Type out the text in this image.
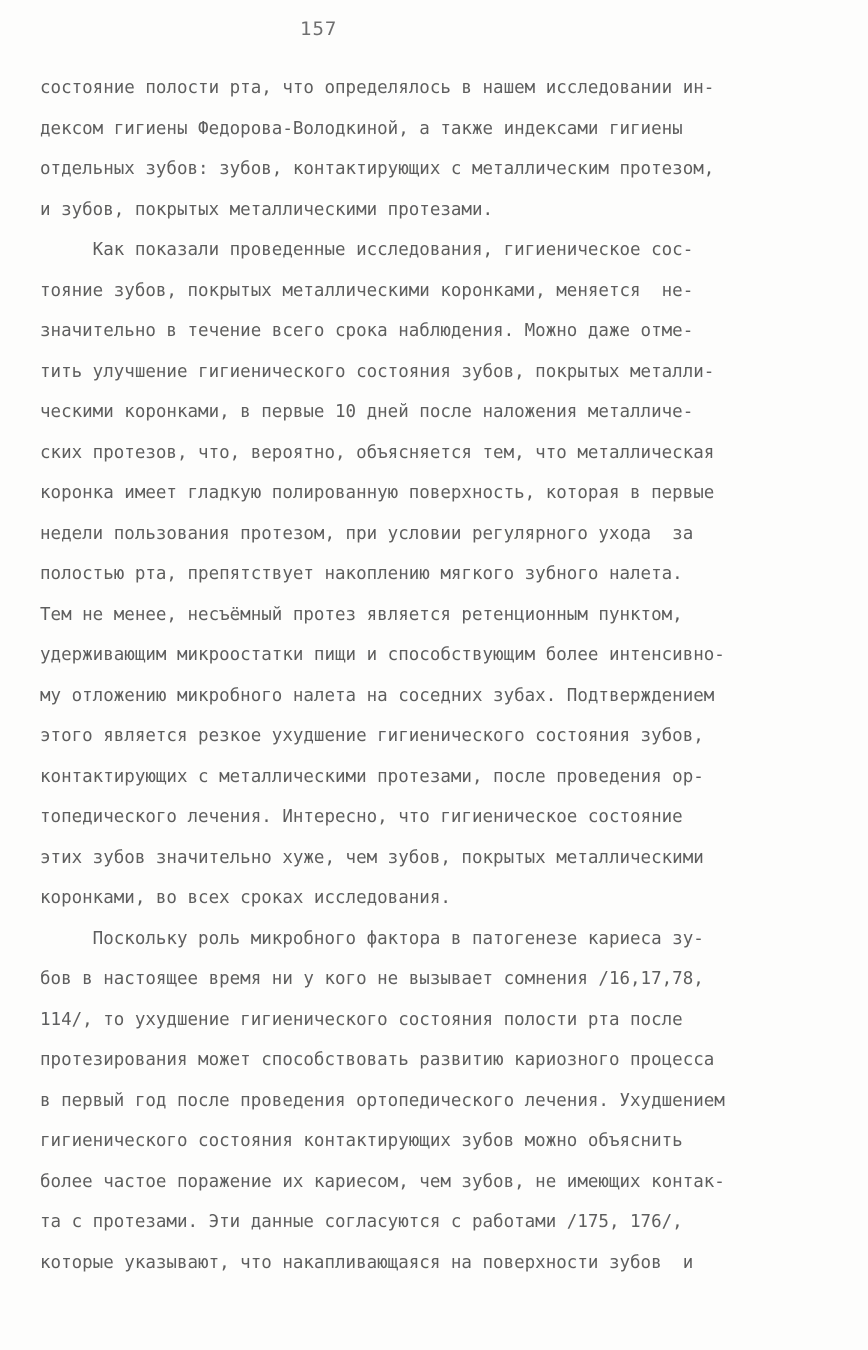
157
состояние полости рта, что определялось в нашем исследовании ин-
дексом гигиены Федорова-Володкиной, а также индексами гигиены
отдельных зубов: зубов, контактирующих с металлическим протезом,
и зубов, покрытых металлическими протезами.
Как показали проведенные исследования, гигиеническое сос-
тояние зубов, покрытых металлическими коронками, меняется  не-
значительно в течение всего срока наблюдения. Можно даже отме-
тить улучшение гигиенического состояния зубов, покрытых металли-
ческими коронками, в первые 10 дней после наложения металличе-
ских протезов, что, вероятно, объясняется тем, что металлическая
коронка имеет гладкую полированную поверхность, которая в первые
недели пользования протезом, при условии регулярного ухода  за
полостью рта, препятствует накоплению мягкого зубного налета.
Тем не менее, несъёмный протез является ретенционным пунктом,
удерживающим микроостатки пищи и способствующим более интенсивно-
му отложению микробного налета на соседних зубах. Подтверждением
этого является резкое ухудшение гигиенического состояния зубов,
контактирующих с металлическими протезами, после проведения ор-
топедического лечения. Интересно, что гигиеническое состояние
этих зубов значительно хуже, чем зубов, покрытых металлическими
коронками, во всех сроках исследования.
Поскольку роль микробного фактора в патогенезе кариеса зу-
бов в настоящее время ни у кого не вызывает сомнения /16,17,78,
114/, то ухудшение гигиенического состояния полости рта после
протезирования может способствовать развитию кариозного процесса
в первый год после проведения ортопедического лечения. Ухудшением
гигиенического состояния контактирующих зубов можно объяснить
более частое поражение их кариесом, чем зубов, не имеющих контак-
та с протезами. Эти данные согласуются с работами /175, 176/,
которые указывают, что накапливающаяся на поверхности зубов  и
